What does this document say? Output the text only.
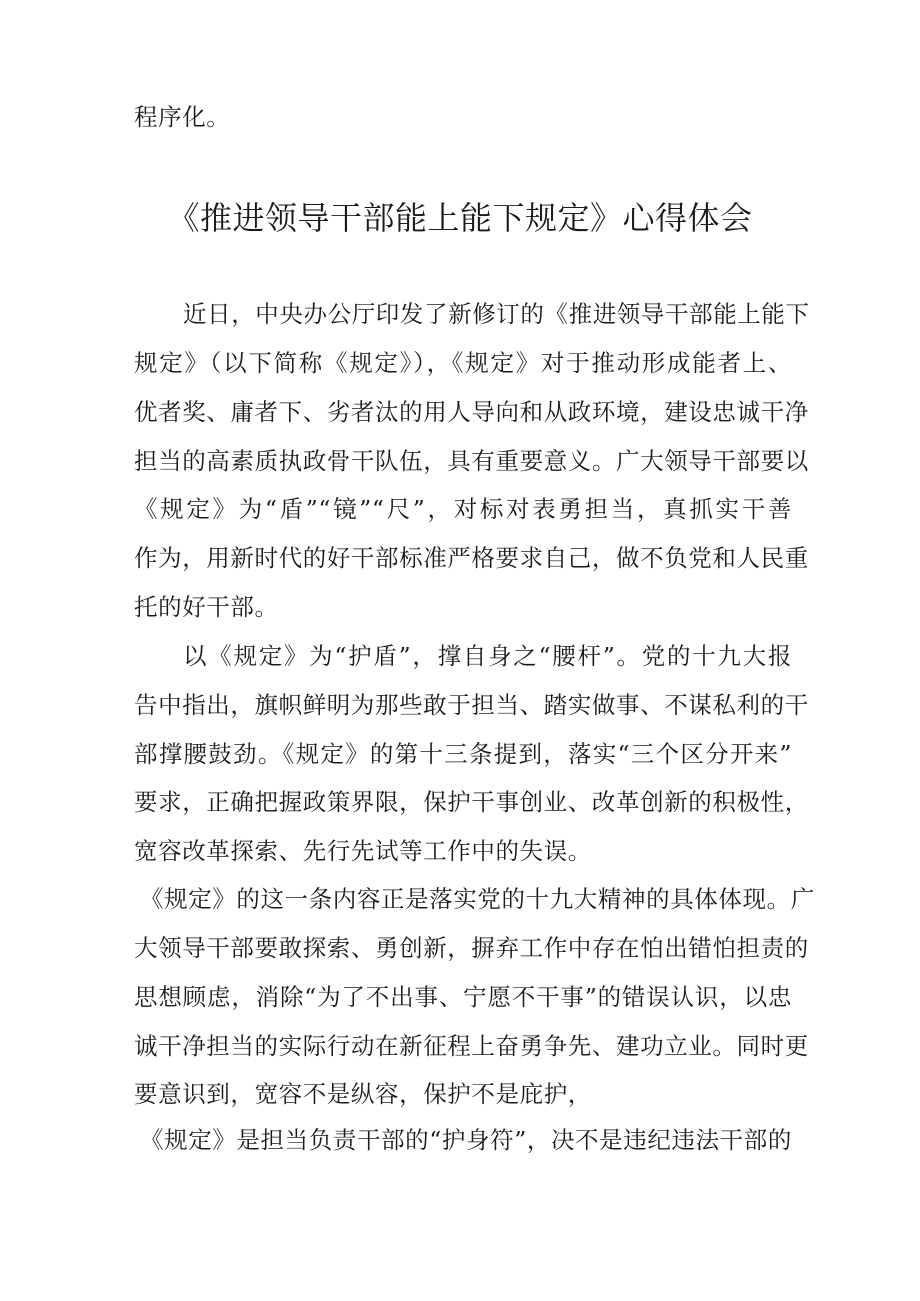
程序化。
《推进领导干部能上能下规定》心得体会
近日，中央办公厅印发了新修订的《推进领导干部能上能下
规定》（以下简称《规定》），《规定》对于推动形成能者上、
优者奖、庸者下、劣者汰的用人导向和从政环境，建设忠诚干净
担当的高素质执政骨干队伍，具有重要意义。广大领导干部要以
《规定》为“盾”“镜”“尺”，对标对表勇担当，真抓实干善
作为，用新时代的好干部标准严格要求自己，做不负党和人民重
托的好干部。
以《规定》为“护盾”，撑自身之“腰杆”。党的十九大报
告中指出，旗帜鲜明为那些敢于担当、踏实做事、不谋私利的干
部撑腰鼓劲。《规定》的第十三条提到，落实“三个区分开来”
要求，正确把握政策界限，保护干事创业、改革创新的积极性，
宽容改革探索、先行先试等工作中的失误。
《规定》的这一条内容正是落实党的十九大精神的具体体现。广
大领导干部要敢探索、勇创新，摒弃工作中存在怕出错怕担责的
思想顾虑，消除“为了不出事、宁愿不干事”的错误认识，以忠
诚干净担当的实际行动在新征程上奋勇争先、建功立业。同时更
要意识到，宽容不是纵容，保护不是庇护，
《规定》是担当负责干部的“护身符”，决不是违纪违法干部的
